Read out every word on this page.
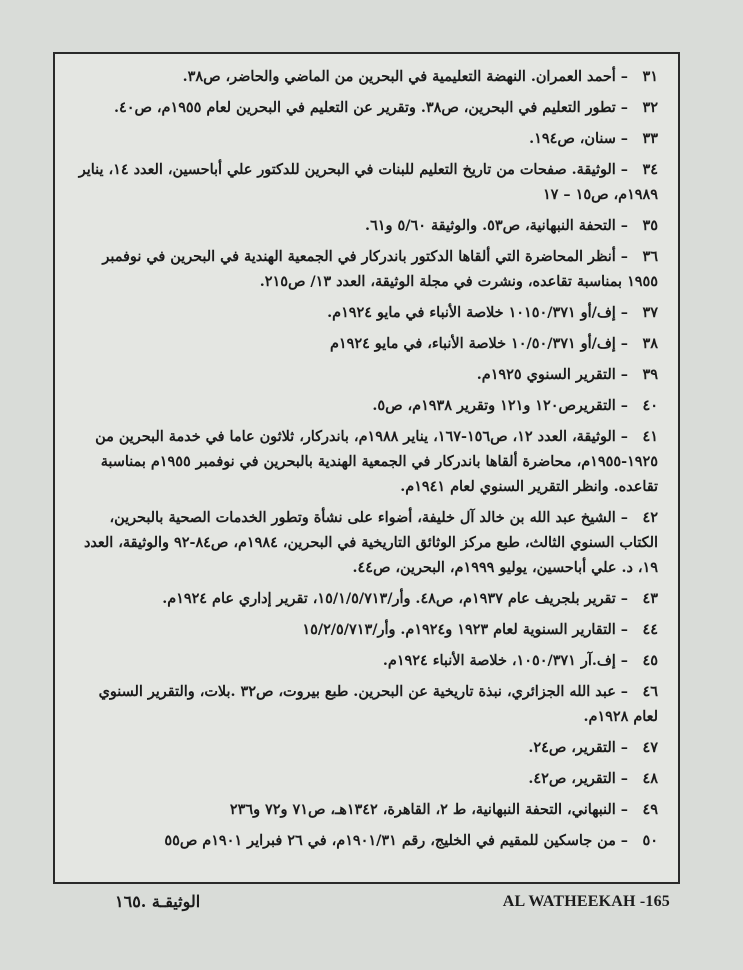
٣١– أحمد العمران. النهضة التعليمية في البحرين من الماضي والحاضر، ص٣٨.
٣٢– تطور التعليم في البحرين، ص٣٨. وتقرير عن التعليم في البحرين لعام ١٩٥٥م، ص٤٠.
٣٣– سنان، ص١٩٤.
٣٤– الوثيقة. صفحات من تاريخ التعليم للبنات في البحرين للدكتور علي أباحسين، العدد ١٤، يناير ١٩٨٩م، ص١٥ – ١٧
٣٥– التحفة النبهانية، ص٥٣. والوثيقة ٥/٦٠ و٦١.
٣٦– أنظر المحاضرة التي ألقاها الدكتور باندركار في الجمعية الهندية في البحرين في نوفمبر ١٩٥٥ بمناسبة تقاعده، ونشرت في مجلة الوثيقة، العدد ١٣/ ص٢١٥.
٣٧– إف/أو ١٠١٥٠/٣٧١ خلاصة الأنباء في مايو ١٩٢٤م.
٣٨– إف/أو ١٠/٥٠/٣٧١ خلاصة الأنباء، في مايو ١٩٢٤م
٣٩– التقرير السنوي ١٩٢٥م.
٤٠– التقريرص١٢٠ و١٢١ وتقرير ١٩٣٨م، ص٥.
٤١– الوثيقة، العدد ١٢، ص١٥٦-١٦٧، يناير ١٩٨٨م، باندركار، ثلاثون عاما في خدمة البحرين من ١٩٢٥-١٩٥٥م، محاضرة ألقاها باندركار في الجمعية الهندية بالبحرين في نوفمبر ١٩٥٥م بمناسبة تقاعده. وانظر التقرير السنوي لعام ١٩٤١م.
٤٢– الشيخ عبد الله بن خالد آل خليفة، أضواء على نشأة وتطور الخدمات الصحية بالبحرين، الكتاب السنوي الثالث، طبع مركز الوثائق التاريخية في البحرين، ١٩٨٤م، ص٨٤-٩٢ والوثيقة، العدد ١٩، د. علي أباحسين، يوليو ١٩٩٩م، البحرين، ص٤٤.
٤٣– تقرير بلجريف عام ١٩٣٧م، ص٤٨. وأر/١٥/١/٥/٧١٣، تقرير إداري عام ١٩٢٤م.
٤٤– التقارير السنوية لعام ١٩٢٣ و١٩٢٤م. وأر/١٥/٢/٥/٧١٣
٤٥– إف.آر ١٠٥٠/٣٧١، خلاصة الأنباء ١٩٢٤م.
٤٦– عبد الله الجزائري، نبذة تاريخية عن البحرين. طبع بيروت، ص٣٢ .بلات، والتقرير السنوي لعام ١٩٢٨م.
٤٧– التقرير، ص٢٤.
٤٨– التقرير، ص٤٢.
٤٩– النبهاني، التحفة النبهانية، ط ٢، القاهرة، ١٣٤٢هـ، ص٧١ و٧٢ و٢٣٦
٥٠– من جاسكين للمقيم في الخليج، رقم ١٩٠١/٣١م، في ٢٦ فبراير ١٩٠١م ص٥٥
الوثيقـة .١٦٥	AL WATHEEKAH -165
